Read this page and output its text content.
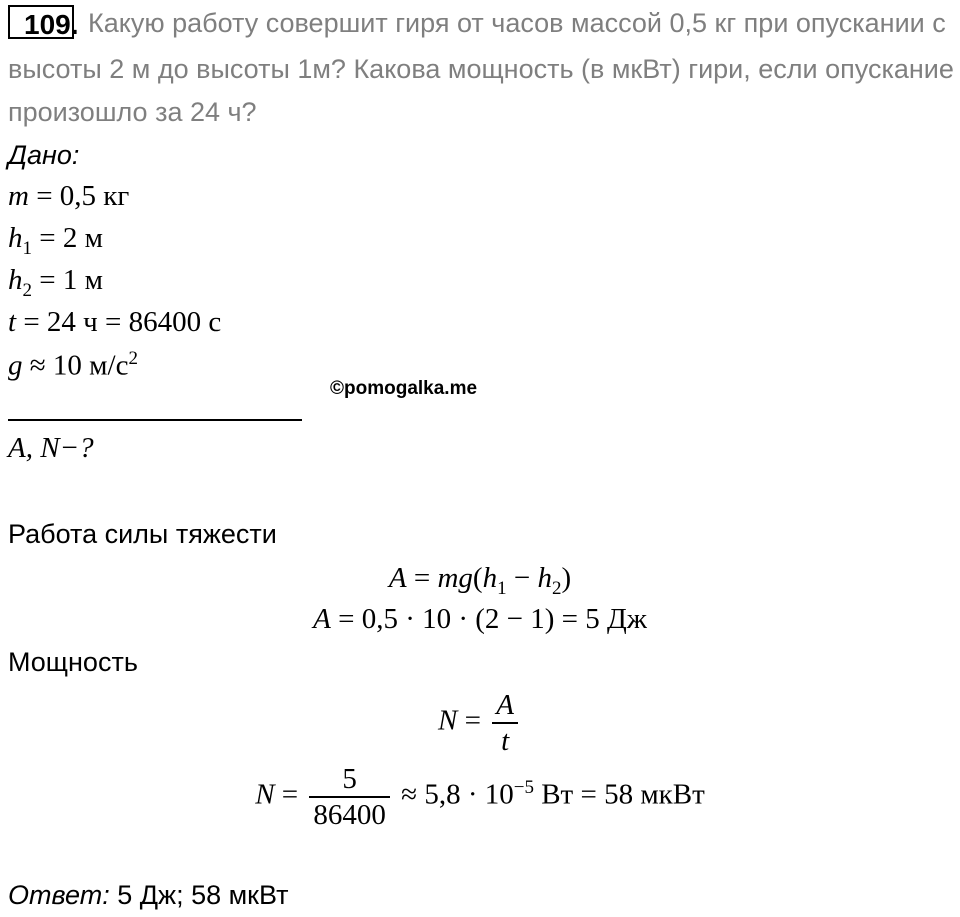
109. Какую работу совершит гиря от часов массой 0,5 кг при опускании с
высоты 2 м до высоты 1м? Какова мощность (в мкВт) гири, если опускание
произошло за 24 ч?
Дано:
m = 0,5 кг
$h_1 = 2$ м
$h_2 = 1$ м
t = 24 ч = 86400 с
g ≈ 10 $м/с^2$
©pomogalka.me
A, N−?
Работа силы тяжести
$A = mg(h_1 - h_2)$
A = 0,5 · 10 · (2 − 1) = 5 Дж
Мощность
$N = \frac{A}{t}$
$N = \frac{5}{86400} \approx 5,8 \cdot 10^{-5}$ Вт = 58 мкВт
Ответ: 5 Дж; 58 мкВт
